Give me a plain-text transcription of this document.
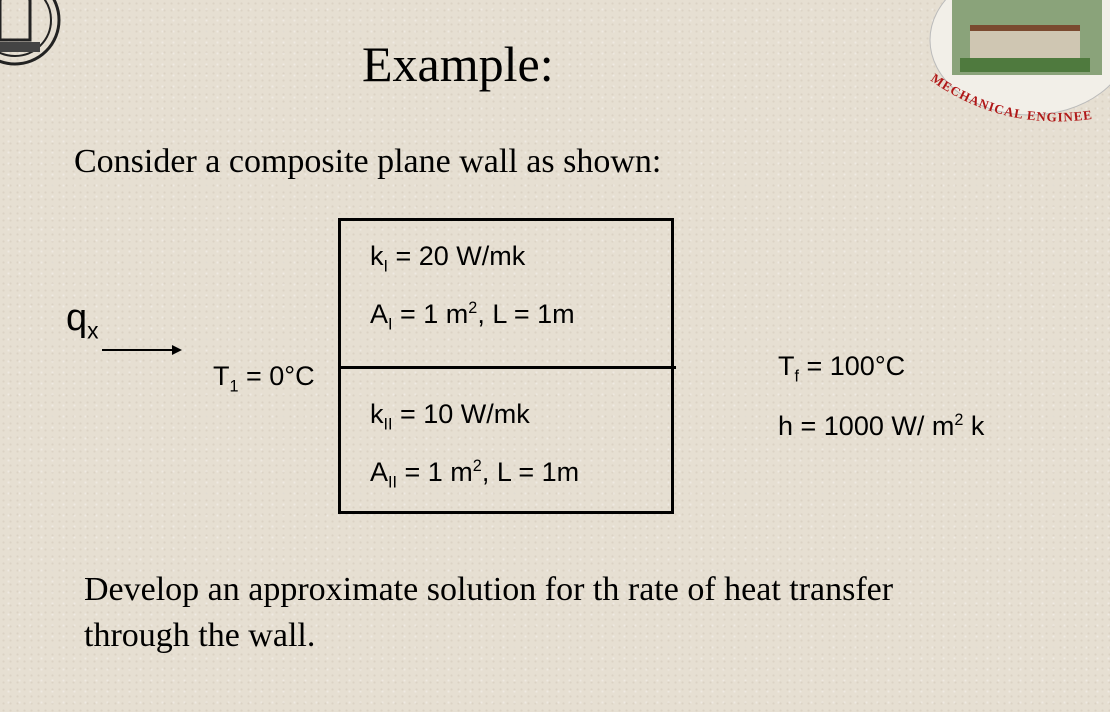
MECHANICAL ENGINEE
Example:
Consider a composite plane wall as shown:
$k_I = 20$ W/mk
$A_I = 1$ $m^2$, L = 1m
$k_{II} = 10$ W/mk
$A_{II} = 1$ $m^2$, L = 1m
$q_x$
$T_1 = 0^\circ C$	$T_f = 100^\circ C$
h = 1000 W/ $m^2$ k
Develop an approximate solution for th rate of heat transfer through the wall.
